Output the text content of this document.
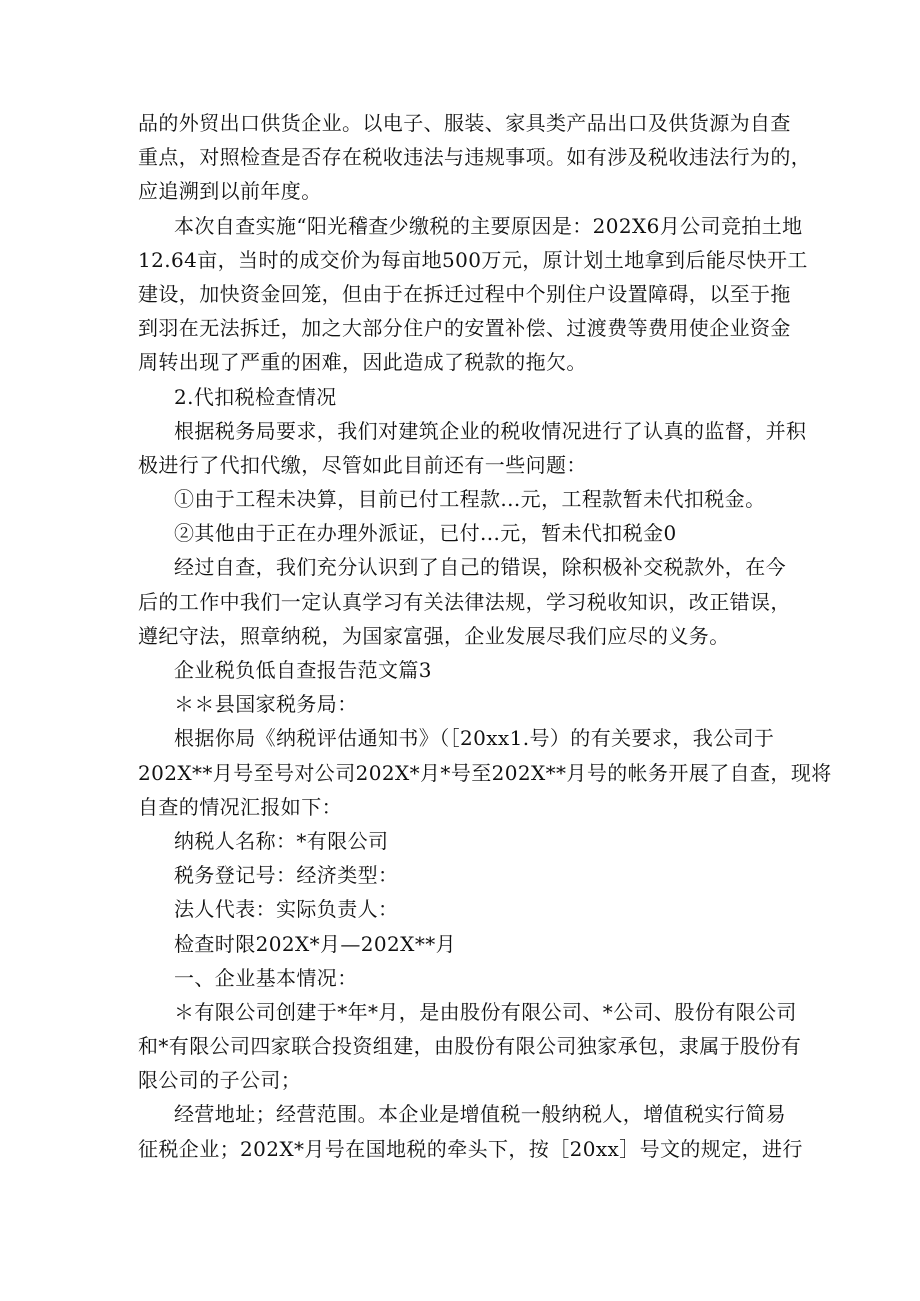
品的外贸出口供货企业。以电子、服装、家具类产品出口及供货源为自查
重点，对照检查是否存在税收违法与违规事项。如有涉及税收违法行为的，
应追溯到以前年度。
本次自查实施“阳光稽查少缴税的主要原因是：202X6月公司竞拍土地
12.64亩，当时的成交价为每亩地500万元，原计划土地拿到后能尽快开工
建设，加快资金回笼，但由于在拆迁过程中个别住户设置障碍，以至于拖
到羽在无法拆迁，加之大部分住户的安置补偿、过渡费等费用使企业资金
周转出现了严重的困难，因此造成了税款的拖欠。
2.代扣税检查情况
根据税务局要求，我们对建筑企业的税收情况进行了认真的监督，并积
极进行了代扣代缴，尽管如此目前还有一些问题：
①由于工程未决算，目前已付工程款...元，工程款暂未代扣税金。
②其他由于正在办理外派证，已付...元，暂未代扣税金0
经过自查，我们充分认识到了自己的错误，除积极补交税款外，在今
后的工作中我们一定认真学习有关法律法规，学习税收知识，改正错误，
遵纪守法，照章纳税，为国家富强，企业发展尽我们应尽的义务。
企业税负低自查报告范文篇3
＊＊县国家税务局：
根据你局《纳税评估通知书》（［20xx1.号）的有关要求，我公司于
202X**月号至号对公司202X*月*号至202X**月号的帐务开展了自查，现将
自查的情况汇报如下：
纳税人名称：*有限公司
税务登记号：经济类型：
法人代表：实际负责人：
检查时限202X*月—202X**月
一、企业基本情况：
＊有限公司创建于*年*月，是由股份有限公司、*公司、股份有限公司
和*有限公司四家联合投资组建，由股份有限公司独家承包，隶属于股份有
限公司的子公司；
经营地址；经营范围。本企业是增值税一般纳税人，增值税实行简易
征税企业；202X*月号在国地税的牵头下，按［20xx］号文的规定，进行
